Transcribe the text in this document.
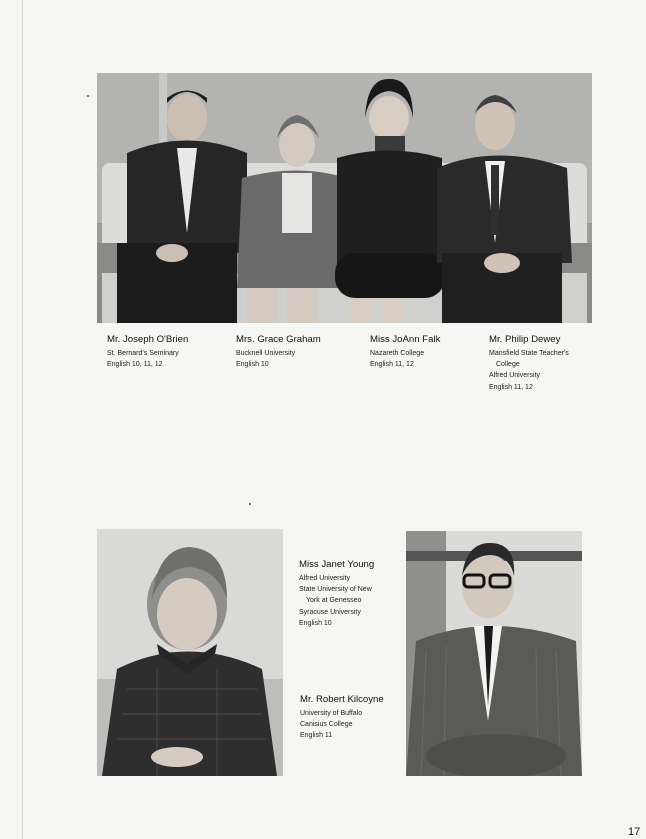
Mr. Joseph O'Brien
St. Bernard's Seminary
English 10, 11, 12
Mrs. Grace Graham
Bucknell University
English 10
Miss JoAnn Falk
Nazareth College
English 11, 12
Mr. Philip Dewey
Mansfield State Teacher's
College
Alfred University
English 11, 12
Miss Janet Young
Alfred University
State University of New
York at Genesseo
Syracuse University
English 10
Mr. Robert Kilcoyne
University of Buffalo
Canisius College
English 11
17
